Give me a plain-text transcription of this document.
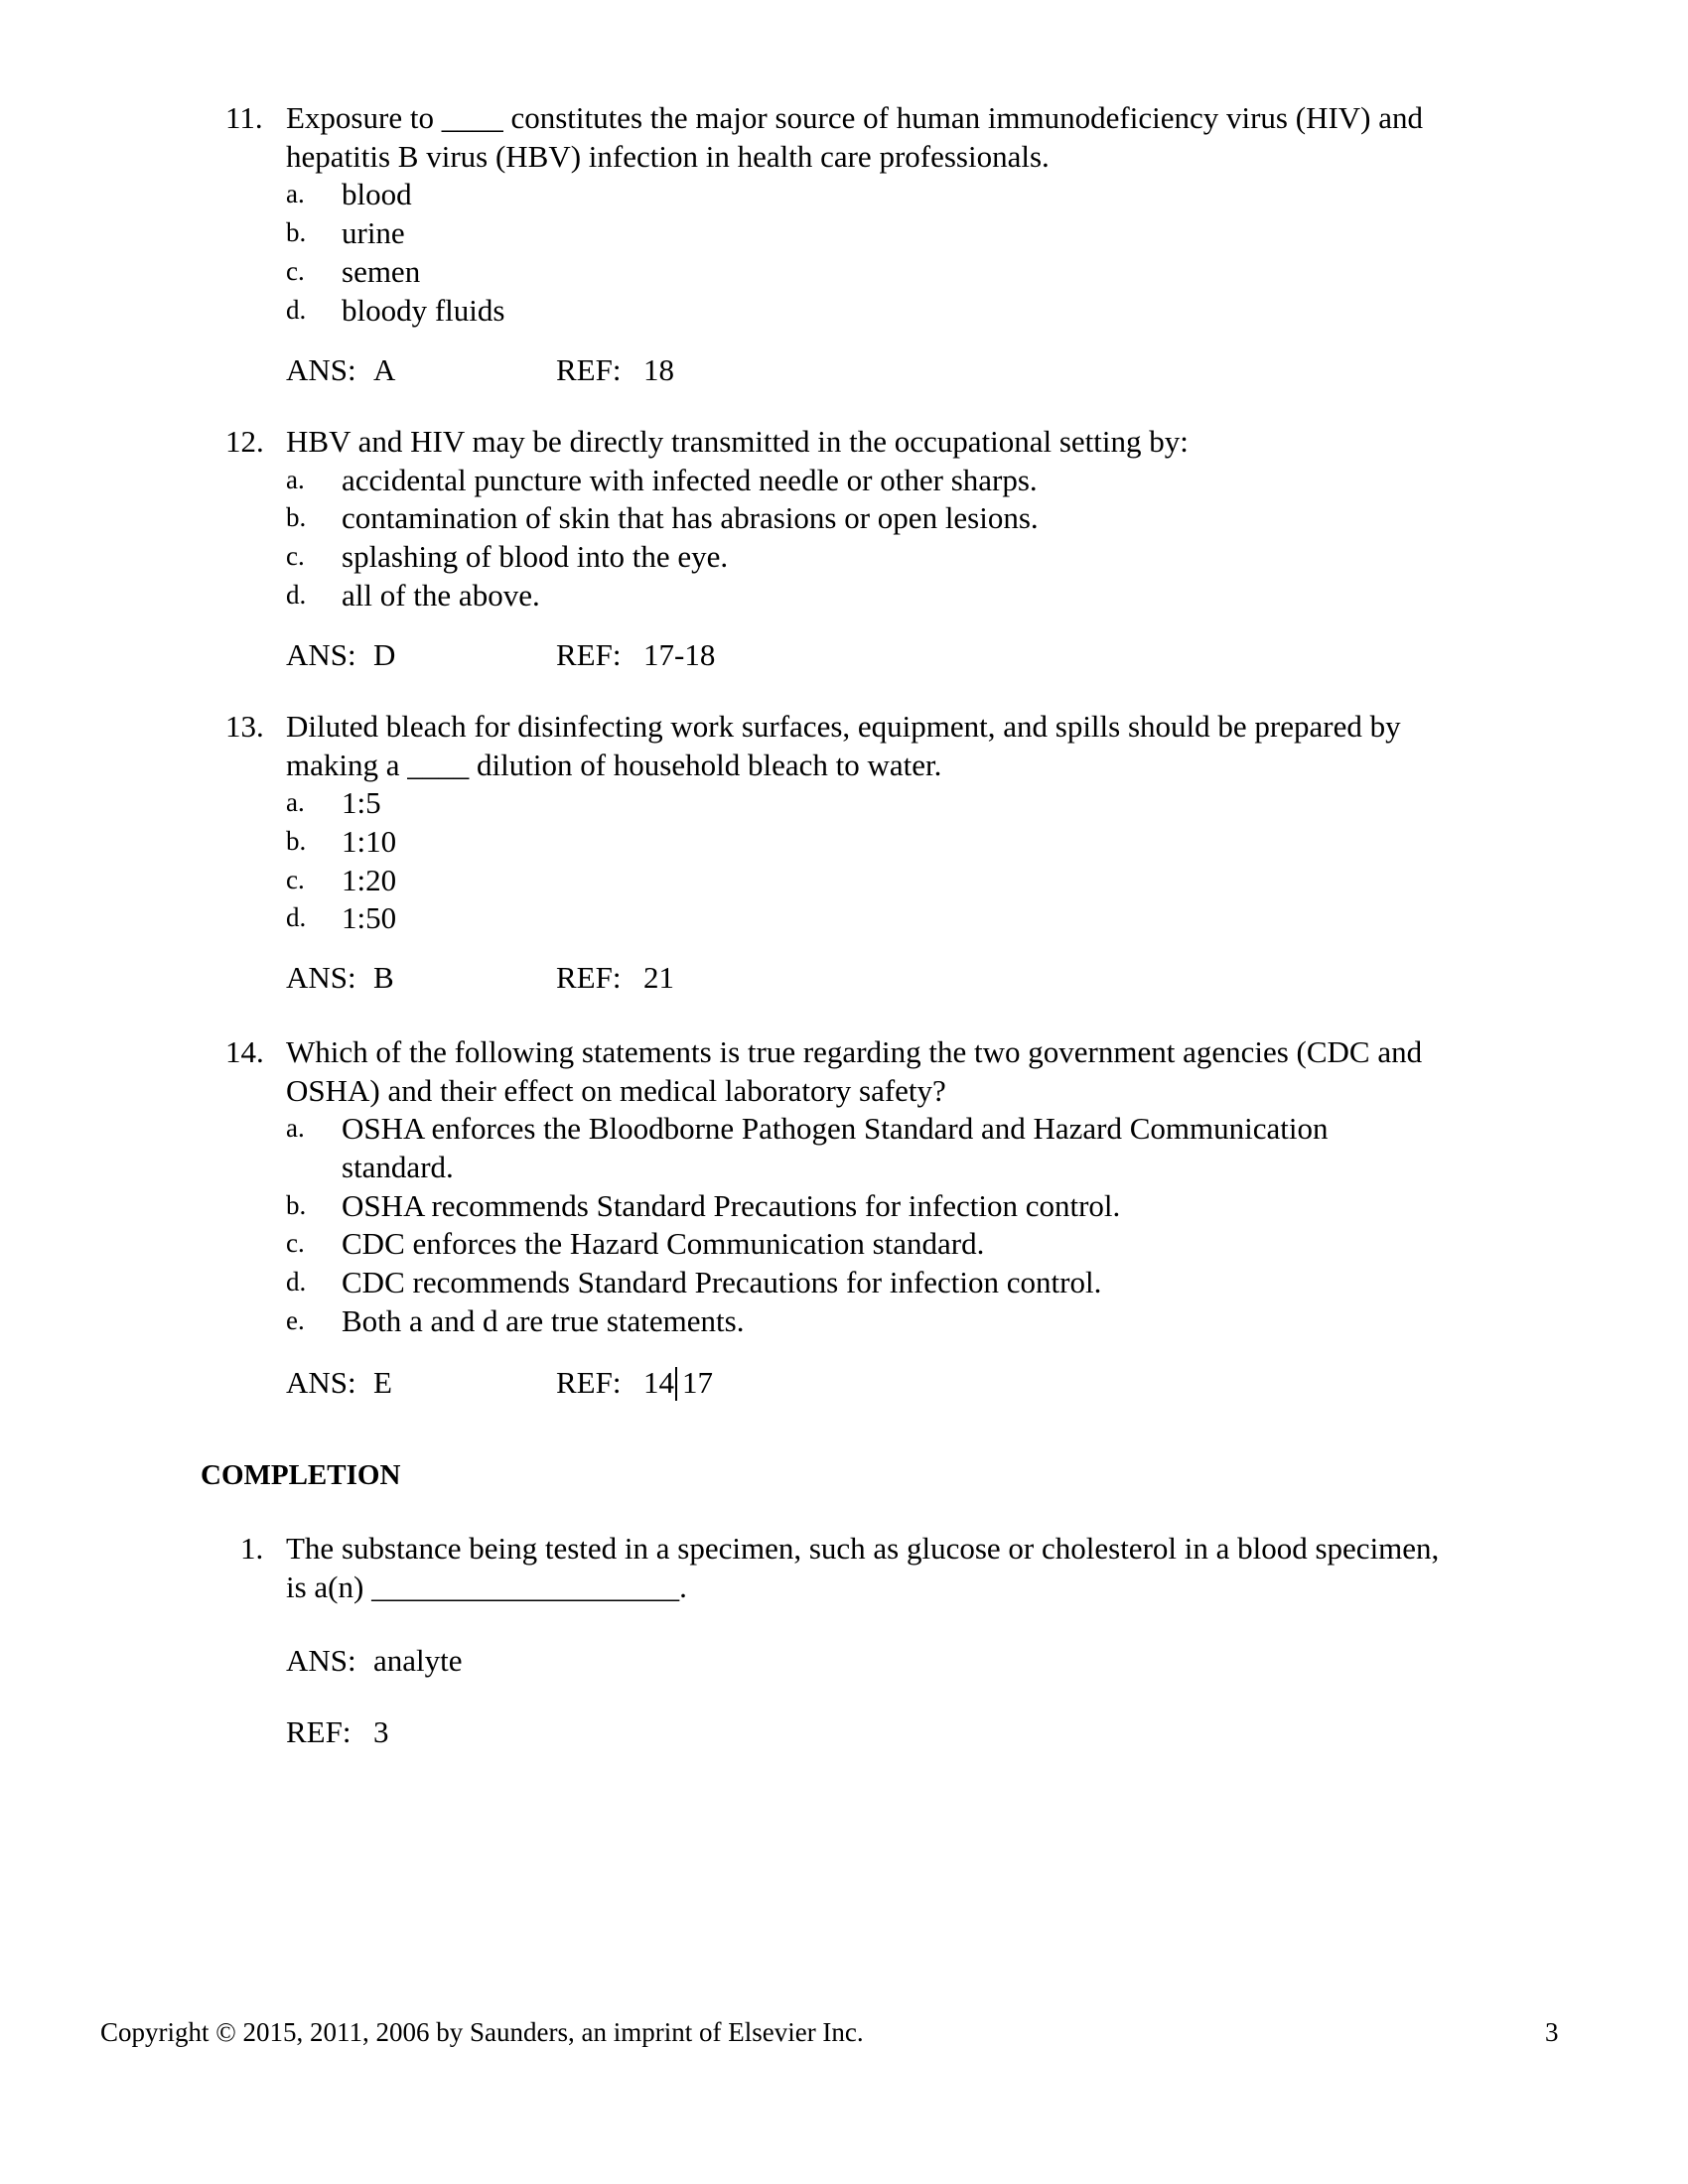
11. Exposure to ____ constitutes the major source of human immunodeficiency virus (HIV) and
hepatitis B virus (HBV) infection in health care professionals.
a. blood
b. urine
c. semen
d. bloody fluids
ANS: A	REF: 18
12. HBV and HIV may be directly transmitted in the occupational setting by:
a. accidental puncture with infected needle or other sharps.
b. contamination of skin that has abrasions or open lesions.
c. splashing of blood into the eye.
d. all of the above.
ANS: D	REF: 17-18
13. Diluted bleach for disinfecting work surfaces, equipment, and spills should be prepared by
making a ____ dilution of household bleach to water.
a. 1:5
b. 1:10
c. 1:20
d. 1:50
ANS: B	REF: 21
14. Which of the following statements is true regarding the two government agencies (CDC and
OSHA) and their effect on medical laboratory safety?
a. OSHA enforces the Bloodborne Pathogen Standard and Hazard Communication
standard.
b. OSHA recommends Standard Precautions for infection control.
c. CDC enforces the Hazard Communication standard.
d. CDC recommends Standard Precautions for infection control.
e. Both a and d are true statements.
ANS: E	REF: 14 17
COMPLETION
1. The substance being tested in a specimen, such as glucose or cholesterol in a blood specimen,
is a(n) ____________________.
ANS: analyte
REF: 3
Copyright © 2015, 2011, 2006 by Saunders, an imprint of Elsevier Inc.	3
